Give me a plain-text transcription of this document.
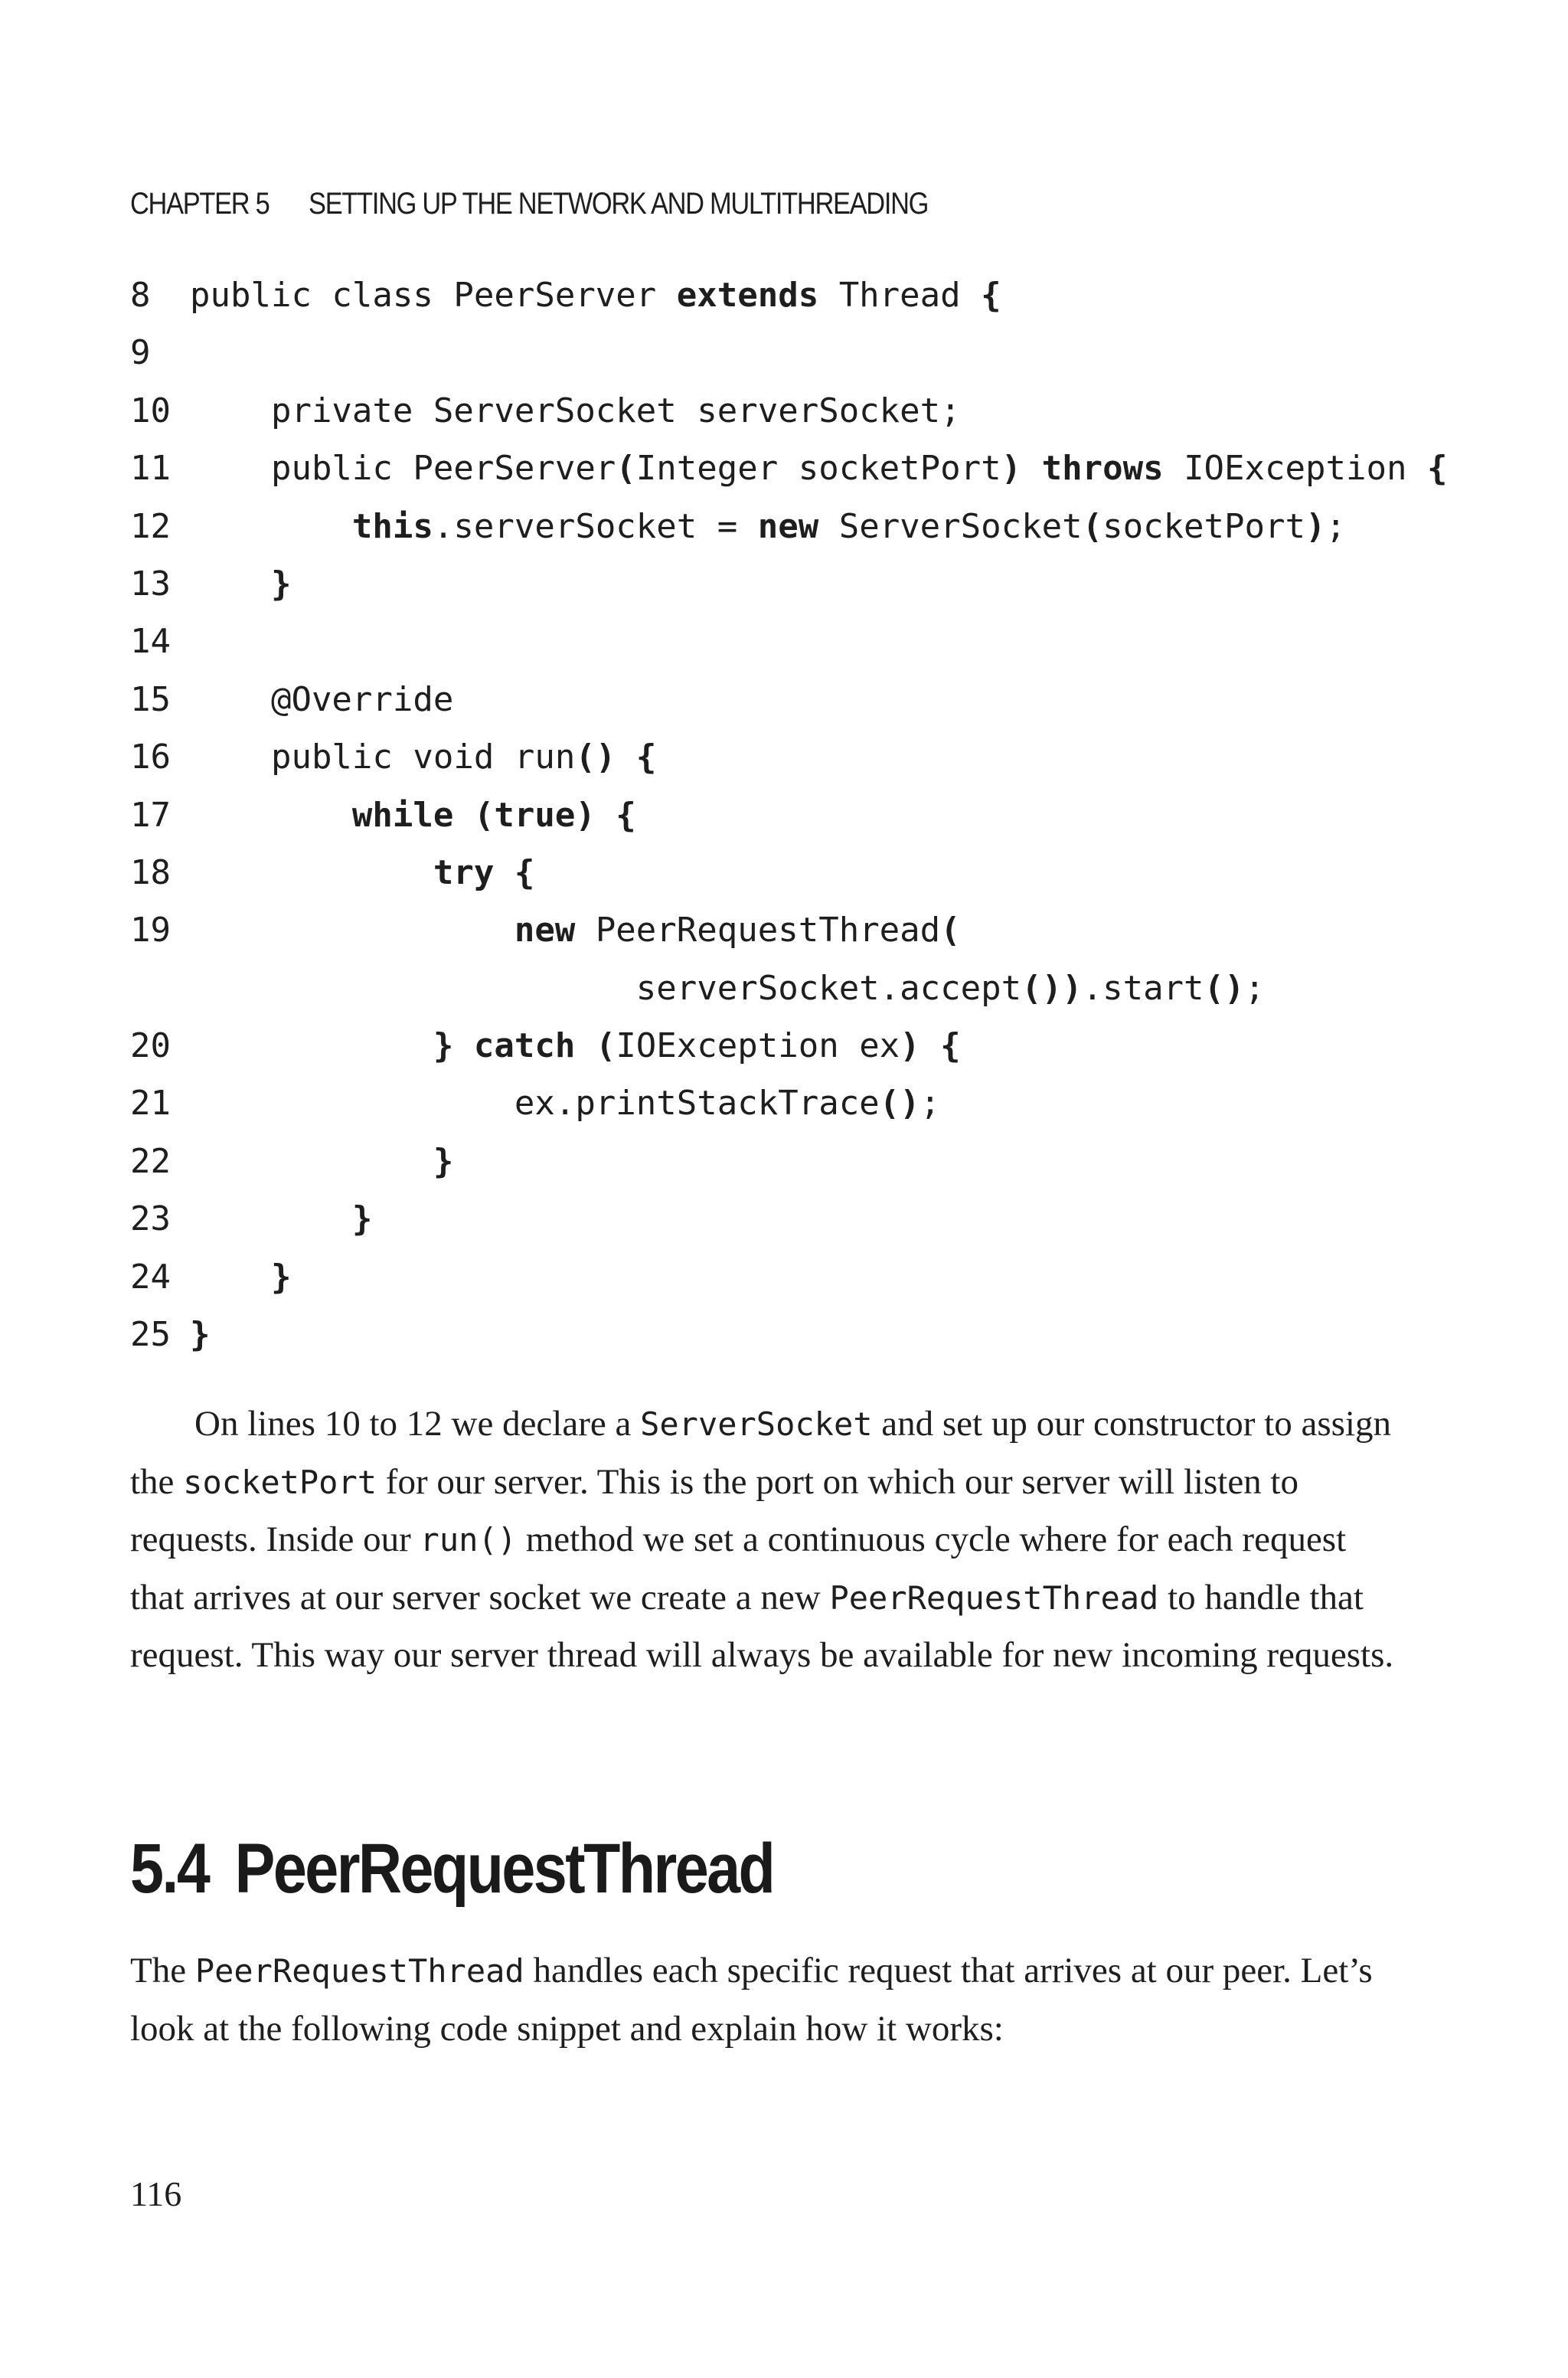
CHAPTER 5 SETTING UP THE NETWORK AND MULTITHREADING
8 public class PeerServer extends Thread {
9
10    private ServerSocket serverSocket;
11    public PeerServer(Integer socketPort) throws IOException {
12	this.serverSocket = new ServerSocket(socketPort);
13	}
14
15    @Override
16    public void run() {
17	while (true) {
18	try {
19	new PeerRequestThread(
serverSocket.accept()).start();
20	} catch (IOException ex) {
21                ex.printStackTrace();
22	}
23	}
24	}
25 }
On lines 10 to 12 we declare a ServerSocket and set up our constructor to assign the socketPort for our server. This is the port on which our server will listen to requests. Inside our run() method we set a continuous cycle where for each request that arrives at our server socket we create a new PeerRequestThread to handle that request. This way our server thread will always be available for new incoming requests.
5.4 PeerRequestThread
The PeerRequestThread handles each specific request that arrives at our peer. Let’s look at the following code snippet and explain how it works:
116
